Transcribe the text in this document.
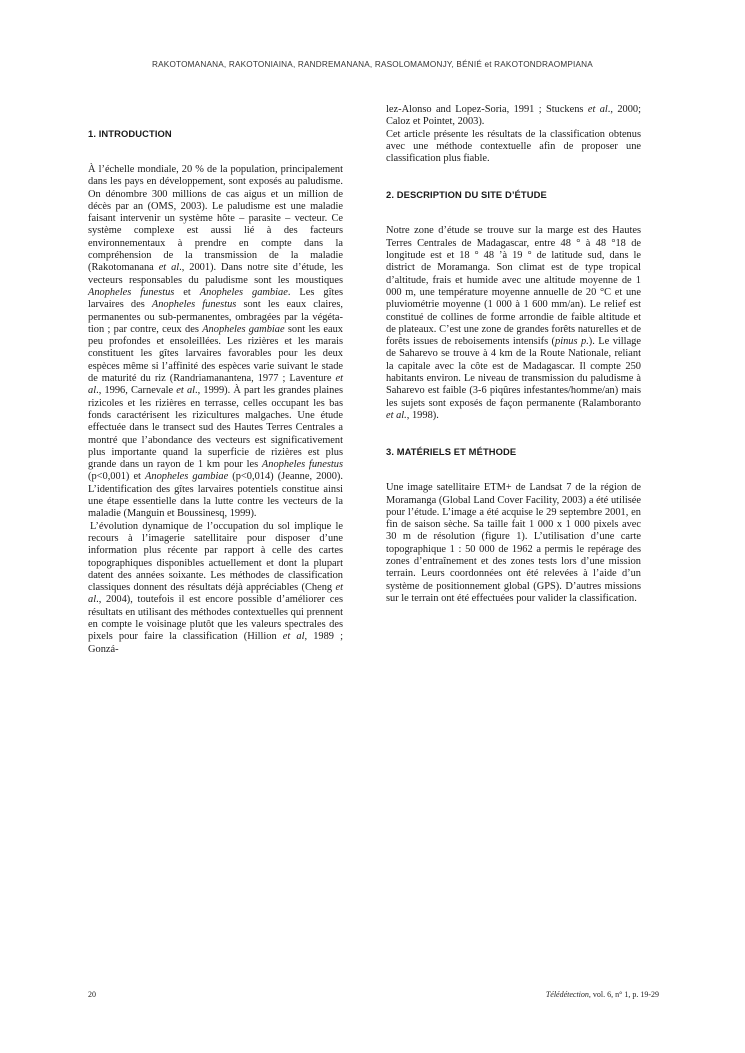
RAKOTOMANANA, RAKOTONIAINA, RANDREMANANA, RASOLOMAMONJY, BÉNIÉ et RAKOTONDRAOMPIANA
1. INTRODUCTION

À l’échelle mondiale, 20 % de la population, principalement dans les pays en développement, sont exposés au paludisme. On dénombre 300 millions de cas aigus et un million de décès par an (OMS, 2003). Le paludisme est une maladie faisant intervenir un système hôte – parasite – vecteur. Ce système complexe est aussi lié à des facteurs environnementaux à prendre en compte dans la compréhension de la transmission de la maladie (Rakotomanana et al., 2001). Dans notre site d’étude, les vecteurs responsables du paludisme sont les moustiques Anopheles funestus et Anopheles gambiae. Les gîtes larvaires des Anopheles funestus sont les eaux claires, permanentes ou sub-permanentes, ombragées par la végétation ; par contre, ceux des Anopheles gambiae sont les eaux peu profondes et ensoleillées. Les rizières et les marais constituent les gîtes larvaires favorables pour les deux espèces même si l’affinité des espèces varie suivant le stade de maturité du riz (Randriamanantena, 1977 ; Laventure et al., 1996, Carnevale et al., 1999). À part les grandes plaines rizicoles et les rizières en terrasse, celles occupant les bas fonds caractérisent les rizicultures malgaches. Une étude effectuée dans le transect sud des Hautes Terres Centrales a montré que l’abondance des vecteurs est significativement plus importante quand la superficie de rizières est plus grande dans un rayon de 1 km pour les Anopheles funestus (p<0,001) et Anopheles gambiae (p<0,014) (Jeanne, 2000). L’identification des gîtes larvaires potentiels constitue ainsi une étape essentielle dans la lutte contre les vecteurs de la maladie (Manguin et Boussinesq, 1999).

L’évolution dynamique de l’occupation du sol implique le recours à l’imagerie satellitaire pour disposer d’une information plus récente par rapport à celle des cartes topographiques disponibles actuellement et dont la plupart datent des années soixante. Les méthodes de classification classiques donnent des résultats déjà appréciables (Cheng et al., 2004), toutefois il est encore possible d’améliorer ces résultats en utilisant des méthodes contextuelles qui prennent en compte le voisinage plutôt que les valeurs spectrales des pixels pour faire la classification (Hillion et al, 1989 ; Gonzá-

lez-Alonso and Lopez-Soria, 1991 ; Stuckens et al., 2000; Caloz et Pointet, 2003).

Cet article présente les résultats de la classification obtenus avec une méthode contextuelle afin de proposer une classification plus fiable.

2. DESCRIPTION DU SITE D’ÉTUDE

Notre zone d’étude se trouve sur la marge est des Hautes Terres Centrales de Madagascar, entre 48 ° à 48 °18 de longitude est et 18 ° 48 ’à 19 ° de latitude sud, dans le district de Moramanga. Son climat est de type tropical d’altitude, frais et humide avec une altitude moyenne de 1 000 m, une température moyenne annuelle de 20 °C et une pluviométrie moyenne (1 000 à 1 600 mm/an). Le relief est constitué de collines de forme arrondie de faible altitude et de plateaux. C’est une zone de grandes forêts naturelles et de forêts issues de reboisements intensifs (pinus p.). Le village de Saharevo se trouve à 4 km de la Route Nationale, reliant la capitale avec la côte est de Madagascar. Il compte 250 habitants environ. Le niveau de transmission du paludisme à Saharevo est faible (3-6 piqûres infestantes/homme/an) mais les sujets sont exposés de façon permanente (Ralamboranto et al., 1998).

3. MATÉRIELS ET MÉTHODE

Une image satellitaire ETM+ de Landsat 7 de la région de Moramanga (Global Land Cover Facility, 2003) a été utilisée pour l’étude. L’image a été acquise le 29 septembre 2001, en fin de saison sèche. Sa taille fait 1 000 x 1 000 pixels avec 30 m de résolution (figure 1). L’utilisation d’une carte topographique 1 : 50 000 de 1962 a permis le repérage des zones d’entraînement et des zones tests lors d’une mission terrain. Leurs coordonnées ont été relevées à l’aide d’un système de positionnement global (GPS). D’autres missions sur le terrain ont été effectuées pour valider la classification.

20	Télédétection, vol. 6, n° 1, p. 19-29
